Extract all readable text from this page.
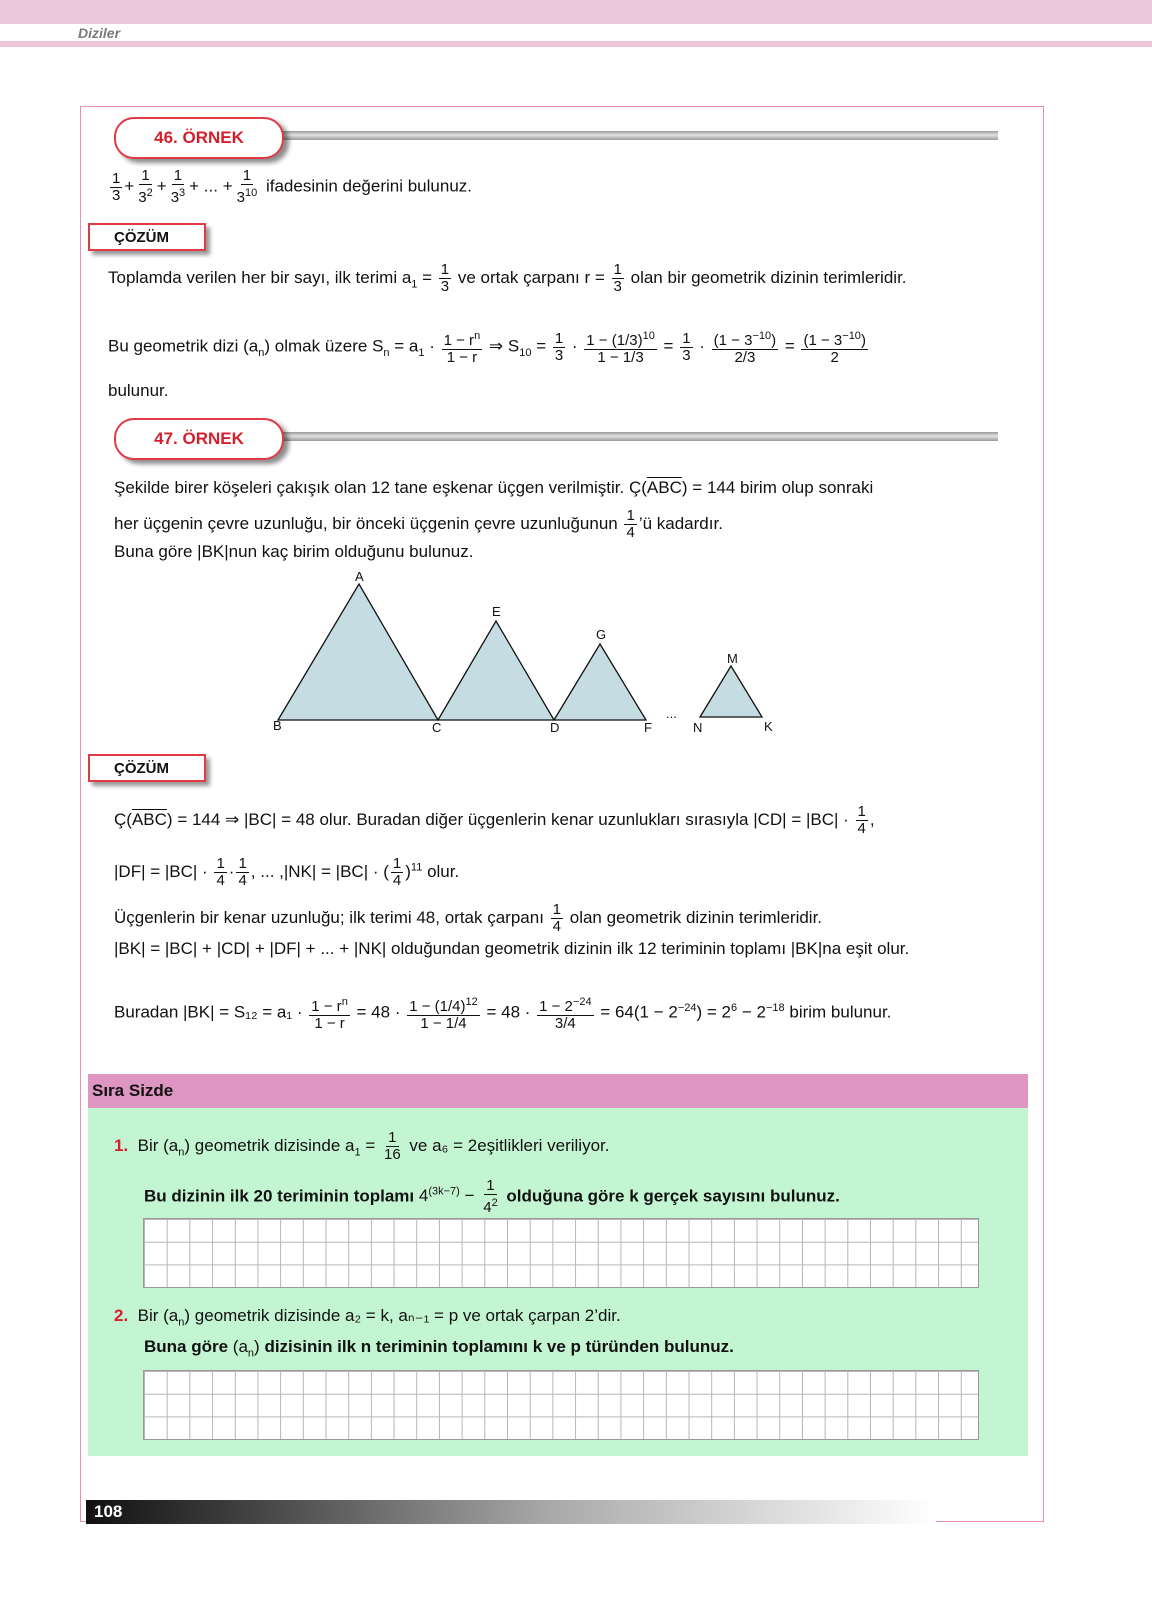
Diziler
46. ÖRNEK
$\frac{1}{3} + \frac{1}{3^2} + \frac{1}{3^3}$ + ... + $\frac{1}{3^{10}}$ ifadesinin değerini bulunuz.
ÇÖZÜM
Toplamda verilen her bir sayı, ilk terimi $a_1 = \frac{1}{3}$ ve ortak çarpanı $r = \frac{1}{3}$ olan bir geometrik dizinin terimleridir.
Bu geometrik dizi $(a_n)$ olmak üzere $S_n = a_1 \cdot \frac{1 - r^n}{1 - r}$ ⇒ $S_{10} = \frac{1}{3} \cdot \frac{1 - (1/3)^{10}}{1 - 1/3} = \frac{1}{3} \cdot \frac{(1 - 3^{-10})}{2/3} = \frac{(1 - 3^{-10})}{2}$
bulunur.
47. ÖRNEK
Şekilde birer köşeleri çakışık olan 12 tane eşkenar üçgen verilmiştir. $Ç(\overline{ABC}) = 144$ birim olup sonraki
her üçgenin çevre uzunluğu, bir önceki üçgenin çevre uzunluğunun $\frac{1}{4}$ ’ü kadardır.
Buna göre |BK|nun kaç birim olduğunu bulunuz.
A
B	C	D
E
F
G
...
M
N	K
ÇÖZÜM
$Ç(\overline{ABC}) = 144$ ⇒ |BC| = 48 olur. Buradan diğer üçgenlerin kenar uzunlukları sırasıyla $|CD| = |BC| \cdot \frac{1}{4}$ ,
$|DF| = |BC| \cdot \frac{1}{4} \cdot \frac{1}{4}$ , ... ,|NK| = |BC| · ( $\frac{1}{4} )^{11}$ olur.
Üçgenlerin bir kenar uzunluğu; ilk terimi 48, ortak çarpanı $\frac{1}{4}$ olan geometrik dizinin terimleridir.
|BK| = |BC| + |CD| + |DF| + ... + |NK| olduğundan geometrik dizinin ilk 12 teriminin toplamı |BK|na eşit olur.
Buradan $|BK| = S_{12} = a_1 \cdot \frac{1 - r^n}{1 - r} = 48 \cdot \frac{1 - (1/4)^{12}}{1 - 1/4} = 48 \cdot \frac{1 - 2^{-24}}{3/4} = 64(1 - 2^{-24}) = 2^6 - 2^{-18}$ birim bulunur.
Sıra Sizde
1. Bir $(a_n)$ geometrik dizisinde $a_1 = \frac{1}{16}$ ve a₆ = 2eşitlikleri veriliyor.
Bu dizinin ilk 20 teriminin toplamı $4^{(3k-7)} - \frac{1}{4^2}$ olduğuna göre k gerçek sayısını bulunuz.
2. Bir $(a_n)$ geometrik dizisinde a₂ = k, aₙ₋₁ = p ve ortak çarpan 2’dir.
Buna göre $(a_n)$ dizisinin ilk n teriminin toplamını k ve p türünden bulunuz.
108
